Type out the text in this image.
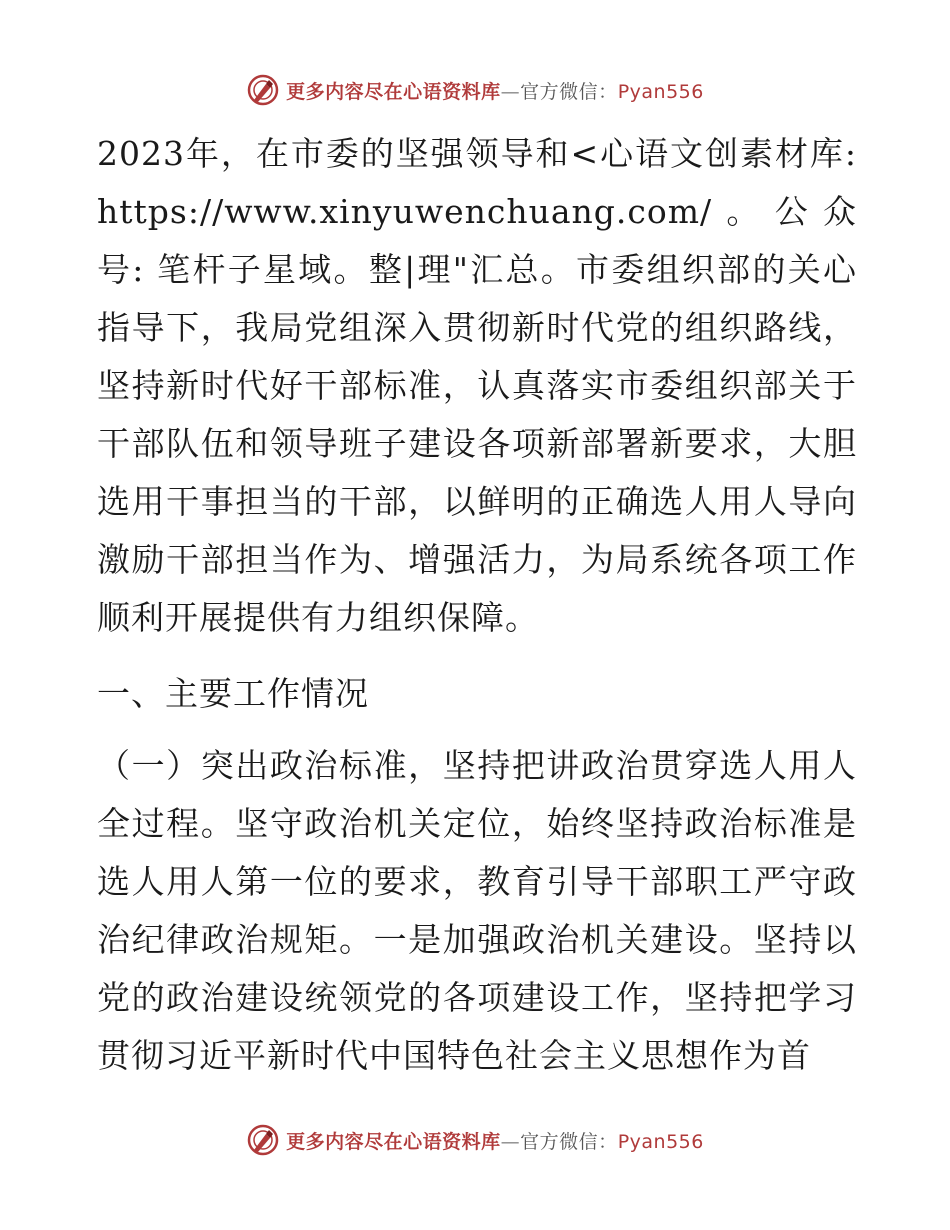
更多内容尽在心语资料库—官方微信：Pyan556

2023年，在市委的坚强领导和<心语文创素材库: https://www.xinyuwenchuang.com/。公众号: 笔杆子星域。整|理"汇总。市委组织部的关心指导下，我局党组深入贯彻新时代党的组织路线，坚持新时代好干部标准，认真落实市委组织部关于干部队伍和领导班子建设各项新部署新要求，大胆选用干事担当的干部，以鲜明的正确选人用人导向激励干部担当作为、增强活力，为局系统各项工作顺利开展提供有力组织保障。

一、主要工作情况

（一）突出政治标准，坚持把讲政治贯穿选人用人全过程。坚守政治机关定位，始终坚持政治标准是选人用人第一位的要求，教育引导干部职工严守政治纪律政治规矩。一是加强政治机关建设。坚持以党的政治建设统领党的各项建设工作，坚持把学习贯彻习近平新时代中国特色社会主义思想作为首

更多内容尽在心语资料库—官方微信：Pyan556
